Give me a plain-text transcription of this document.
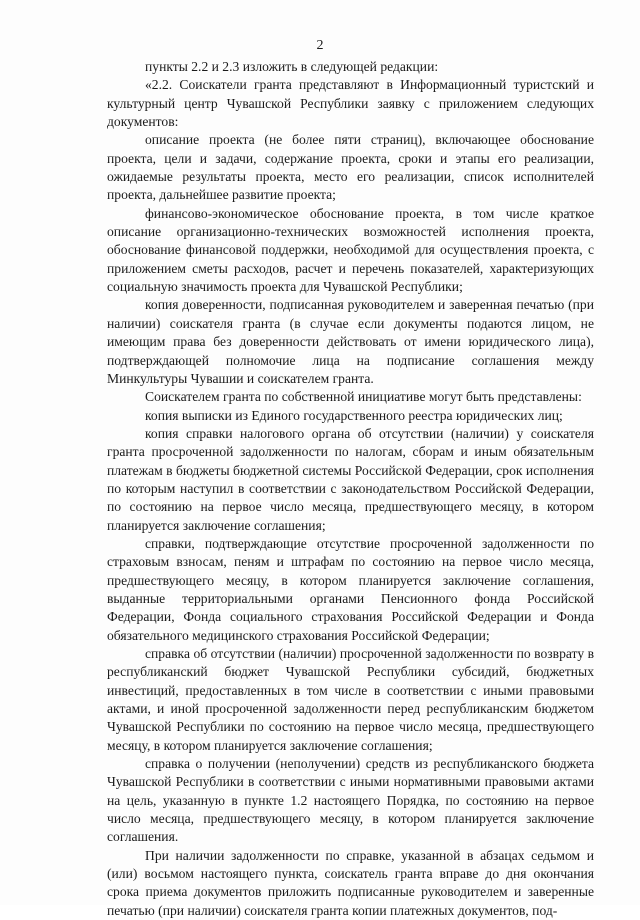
2

пункты 2.2 и 2.3 изложить в следующей редакции:

«2.2. Соискатели гранта представляют в Информационный туристский и культурный центр Чувашской Республики заявку с приложением следующих документов:

описание проекта (не более пяти страниц), включающее обоснование проекта, цели и задачи, содержание проекта, сроки и этапы его реализации, ожидаемые результаты проекта, место его реализации, список исполнителей проекта, дальнейшее развитие проекта;

финансово-экономическое обоснование проекта, в том числе краткое описание организационно-технических возможностей исполнения проекта, обоснование финансовой поддержки, необходимой для осуществления проекта, с приложением сметы расходов, расчет и перечень показателей, характеризующих социальную значимость проекта для Чувашской Республики;

копия доверенности, подписанная руководителем и заверенная печатью (при наличии) соискателя гранта (в случае если документы подаются лицом, не имеющим права без доверенности действовать от имени юридического лица), подтверждающей полномочие лица на подписание соглашения между Минкультуры Чувашии и соискателем гранта.

Соискателем гранта по собственной инициативе могут быть представлены:

копия выписки из Единого государственного реестра юридических лиц;

копия справки налогового органа об отсутствии (наличии) у соискателя гранта просроченной задолженности по налогам, сборам и иным обязательным платежам в бюджеты бюджетной системы Российской Федерации, срок исполнения по которым наступил в соответствии с законодательством Российской Федерации, по состоянию на первое число месяца, предшествующего месяцу, в котором планируется заключение соглашения;

справки, подтверждающие отсутствие просроченной задолженности по страховым взносам, пеням и штрафам по состоянию на первое число месяца, предшествующего месяцу, в котором планируется заключение соглашения, выданные территориальными органами Пенсионного фонда Российской Федерации, Фонда социального страхования Российской Федерации и Фонда обязательного медицинского страхования Российской Федерации;

справка об отсутствии (наличии) просроченной задолженности по возврату в республиканский бюджет Чувашской Республики субсидий, бюджетных инвестиций, предоставленных в том числе в соответствии с иными правовыми актами, и иной просроченной задолженности перед республиканским бюджетом Чувашской Республики по состоянию на первое число месяца, предшествующего месяцу, в котором планируется заключение соглашения;

справка о получении (неполучении) средств из республиканского бюджета Чувашской Республики в соответствии с иными нормативными правовыми актами на цель, указанную в пункте 1.2 настоящего Порядка, по состоянию на первое число месяца, предшествующего месяцу, в котором планируется заключение соглашения.

При наличии задолженности по справке, указанной в абзацах седьмом и (или) восьмом настоящего пункта, соискатель гранта вправе до дня окончания срока приема документов приложить подписанные руководителем и заверенные печатью (при наличии) соискателя гранта копии платежных документов, под-
